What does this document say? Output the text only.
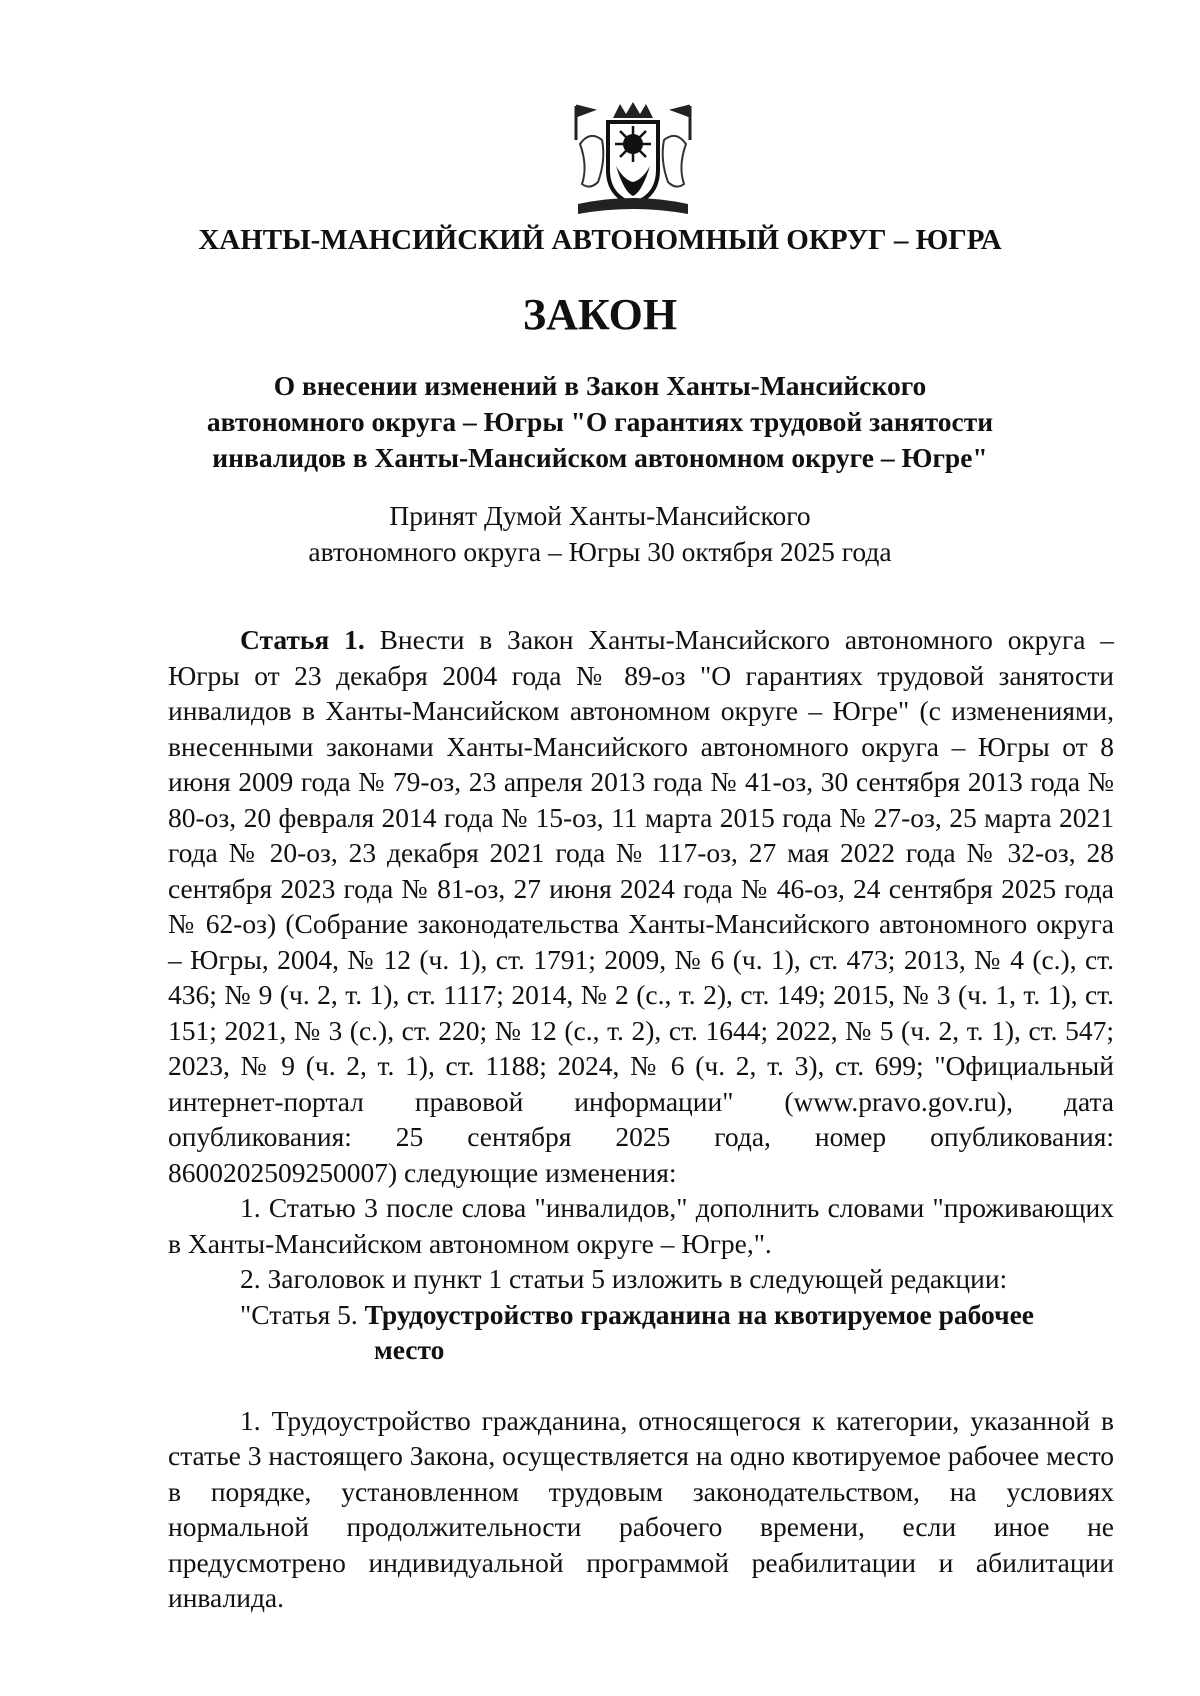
ХАНТЫ-МАНСИЙСКИЙ АВТОНОМНЫЙ ОКРУГ – ЮГРА
ЗАКОН
О внесении изменений в Закон Ханты-Мансийского
автономного округа – Югры "О гарантиях трудовой занятости
инвалидов в Ханты-Мансийском автономном округе – Югре"
Принят Думой Ханты-Мансийского
автономного округа – Югры 30 октября 2025 года

Статья 1. Внести в Закон Ханты-Мансийского автономного округа – Югры от 23 декабря 2004 года № 89-оз "О гарантиях трудовой занятости инвалидов в Ханты-Мансийском автономном округе – Югре" (с изменениями, внесенными законами Ханты-Мансийского автономного округа – Югры от 8 июня 2009 года № 79-оз, 23 апреля 2013 года № 41-оз, 30 сентября 2013 года № 80-оз, 20 февраля 2014 года № 15-оз, 11 марта 2015 года № 27-оз, 25 марта 2021 года № 20-оз, 23 декабря 2021 года № 117-оз, 27 мая 2022 года № 32-оз, 28 сентября 2023 года № 81-оз, 27 июня 2024 года № 46-оз, 24 сентября 2025 года № 62-оз) (Собрание законодательства Ханты-Мансийского автономного округа – Югры, 2004, № 12 (ч. 1), ст. 1791; 2009, № 6 (ч. 1), ст. 473; 2013, № 4 (с.), ст. 436; № 9 (ч. 2, т. 1), ст. 1117; 2014, № 2 (с., т. 2), ст. 149; 2015, № 3 (ч. 1, т. 1), ст. 151; 2021, № 3 (с.), ст. 220; № 12 (с., т. 2), ст. 1644; 2022, № 5 (ч. 2, т. 1), ст. 547; 2023, № 9 (ч. 2, т. 1), ст. 1188; 2024, № 6 (ч. 2, т. 3), ст. 699; "Официальный интернет-портал правовой информации" (www.pravo.gov.ru), дата опубликования: 25 сентября 2025 года, номер опубликования: 8600202509250007) следующие изменения:

1. Статью 3 после слова "инвалидов," дополнить словами "проживающих в Ханты-Мансийском автономном округе – Югре,".

2. Заголовок и пункт 1 статьи 5 изложить в следующей редакции:

"Статья 5. Трудоустройство гражданина на квотируемое рабочее

место

1. Трудоустройство гражданина, относящегося к категории, указанной в статье 3 настоящего Закона, осуществляется на одно квотируемое рабочее место в порядке, установленном трудовым законодательством, на условиях нормальной продолжительности рабочего времени, если иное не предусмотрено индивидуальной программой реабилитации и абилитации инвалида.
